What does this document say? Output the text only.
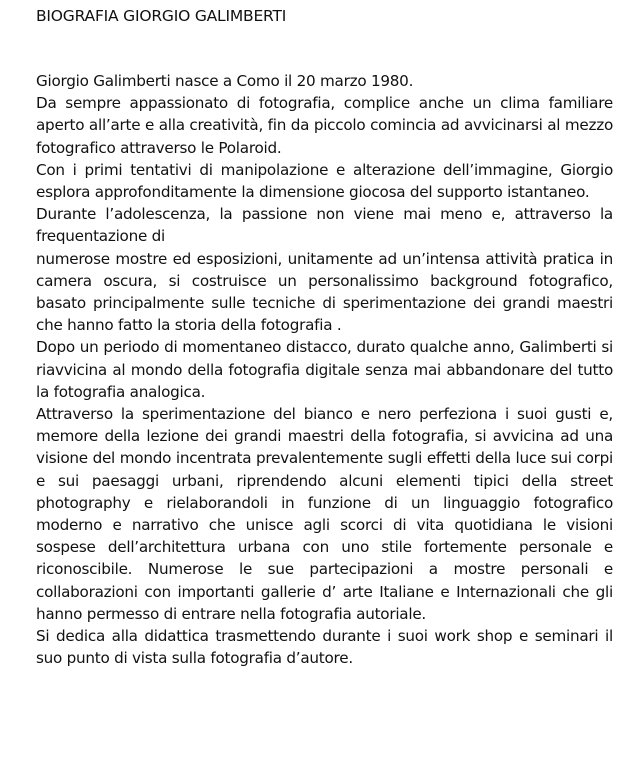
BIOGRAFIA GIORGIO GALIMBERTI

Giorgio Galimberti nasce a Como il 20 marzo 1980.

Da sempre appassionato di fotografia, complice anche un clima familiare aperto all’arte e alla creatività, fin da piccolo comincia ad avvicinarsi al mezzo fotografico attraverso le Polaroid.

Con i primi tentativi di manipolazione e alterazione dell’immagine, Giorgio esplora approfonditamente la dimensione giocosa del supporto istantaneo.

Durante l’adolescenza, la passione non viene mai meno e, attraverso la frequentazione di

numerose mostre ed esposizioni, unitamente ad un’intensa attività pratica in camera oscura, si costruisce un personalissimo background fotografico, basato principalmente sulle tecniche di sperimentazione dei grandi maestri che hanno fatto la storia della fotografia .

Dopo un periodo di momentaneo distacco, durato qualche anno, Galimberti si riavvicina al mondo della fotografia digitale senza mai abbandonare del tutto la fotografia analogica.

Attraverso la sperimentazione del bianco e nero perfeziona i suoi gusti e, memore della lezione dei grandi maestri della fotografia, si avvicina ad una visione del mondo incentrata prevalentemente sugli effetti della luce sui corpi e sui paesaggi urbani, riprendendo alcuni elementi tipici della street photography e rielaborandoli in funzione di un linguaggio fotografico moderno e narrativo che unisce agli scorci di vita quotidiana le visioni sospese dell’architettura urbana con uno stile fortemente personale e riconoscibile. Numerose le sue partecipazioni a mostre personali e collaborazioni con importanti gallerie d’ arte Italiane e Internazionali che gli hanno permesso di entrare nella fotografia autoriale.

Si dedica alla didattica trasmettendo durante i suoi work shop e seminari il suo punto di vista sulla fotografia d’autore.
